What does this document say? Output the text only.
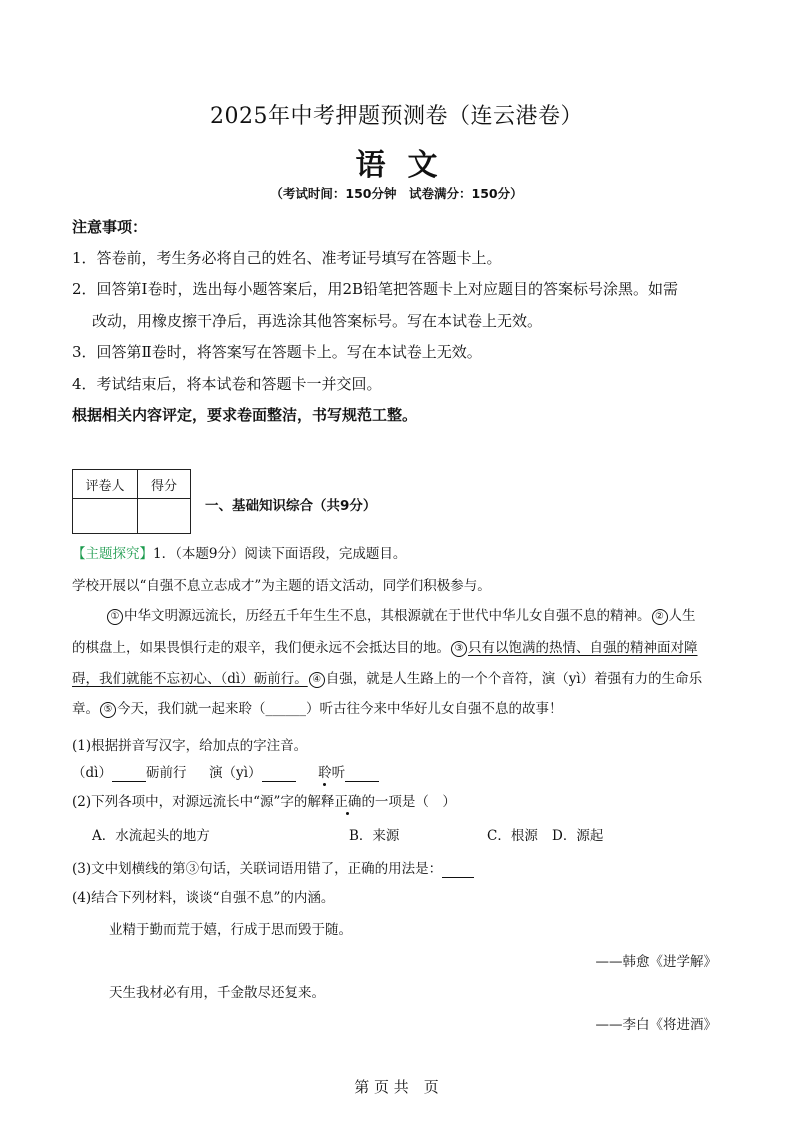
2025年中考押题预测卷（连云港卷）
语文
（考试时间：150分钟　试卷满分：150分）
注意事项：
1．答卷前，考生务必将自己的姓名、准考证号填写在答题卡上。
2．回答第Ⅰ卷时，选出每小题答案后，用2B铅笔把答题卡上对应题目的答案标号涂黑。如需
改动，用橡皮擦干净后，再选涂其他答案标号。写在本试卷上无效。
3．回答第Ⅱ卷时，将答案写在答题卡上。写在本试卷上无效。
4．考试结束后，将本试卷和答题卡一并交回。
根据相关内容评定，要求卷面整洁，书写规范工整。
评卷人	得分

一、基础知识综合（共9分）
【主题探究】1．（本题9分）阅读下面语段，完成题目。
学校开展以“自强不息立志成才”为主题的语文活动，同学们积极参与。
① 中华文明源远流长，历经五千年生生不息，其根源就在于世代中华儿女自强不息的精神。 ② 人生
的棋盘上，如果畏惧行走的艰辛，我们便永远不会抵达目的地。 ③ 只有以饱满的热情、自强的精神面对障
碍，我们就能不忘初心、（dì）砺前行。 ④ 自强，就是人生路上的一个个音符，演（yì）着强有力的生命乐
章。 ⑤ 今天，我们就一起来聆（______）听古往今来中华好儿女自强不息的故事！
(1)根据拼音写汉字，给加点的字注音。
（dì）	砺前行 演（yì）	聆听
(2)下列各项中，对源远流长中“源”字的解释正确的一项是（　）
A．水流起头的地方	B．来源	C．根源 D．源起
(3)文中划横线的第③句话，关联词语用错了，正确的用法是：
(4)结合下列材料，谈谈“自强不息”的内涵。
业精于勤而荒于嬉，行成于思而毁于随。
——韩愈《进学解》
天生我材必有用，千金散尽还复来。
——李白《将进酒》
第 页 共　页
